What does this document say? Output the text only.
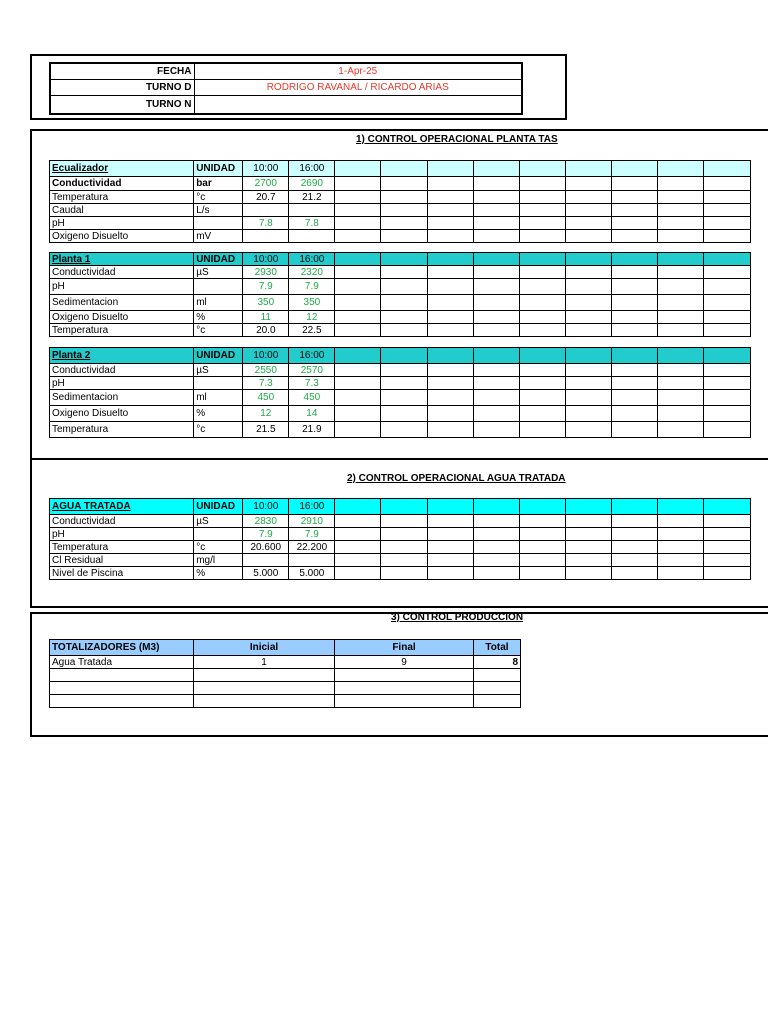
FECHA	1-Apr-25
TURNO D	RODRIGO RAVANAL / RICARDO ARIAS
TURNO N	
1) CONTROL OPERACIONAL PLANTA TAS
Ecualizador	UNIDAD	10:00	16:00									
Conductividad	bar	2700	2690									
Temperatura	°c	20.7	21.2									
Caudal	L/s											
pH		7.8	7.8									
Oxigeno Disuelto	mV											
Planta 1	UNIDAD	10:00	16:00									
Conductividad	µS	2930	2320									
pH		7.9	7.9									
Sedimentacion	ml	350	350									
Oxigeno Disuelto	%	11	12									
Temperatura	°c	20.0	22.5									
Planta 2	UNIDAD	10:00	16:00									
Conductividad	µS	2550	2570									
pH		7.3	7.3									
Sedimentacion	ml	450	450									
Oxigeno Disuelto	%	12	14									
Temperatura	°c	21.5	21.9									
2) CONTROL OPERACIONAL AGUA TRATADA
AGUA TRATADA	UNIDAD	10:00	16:00									
Conductividad	µS	2830	2910									
pH		7.9	7.9									
Temperatura	°c	20.600	22.200									
Cl Residual	mg/l											
Nivel de Piscina	%	5.000	5.000									
3) CONTROL PRODUCCION
TOTALIZADORES (M3)	Inicial	Final	Total
Agua Tratada	1	9	8
